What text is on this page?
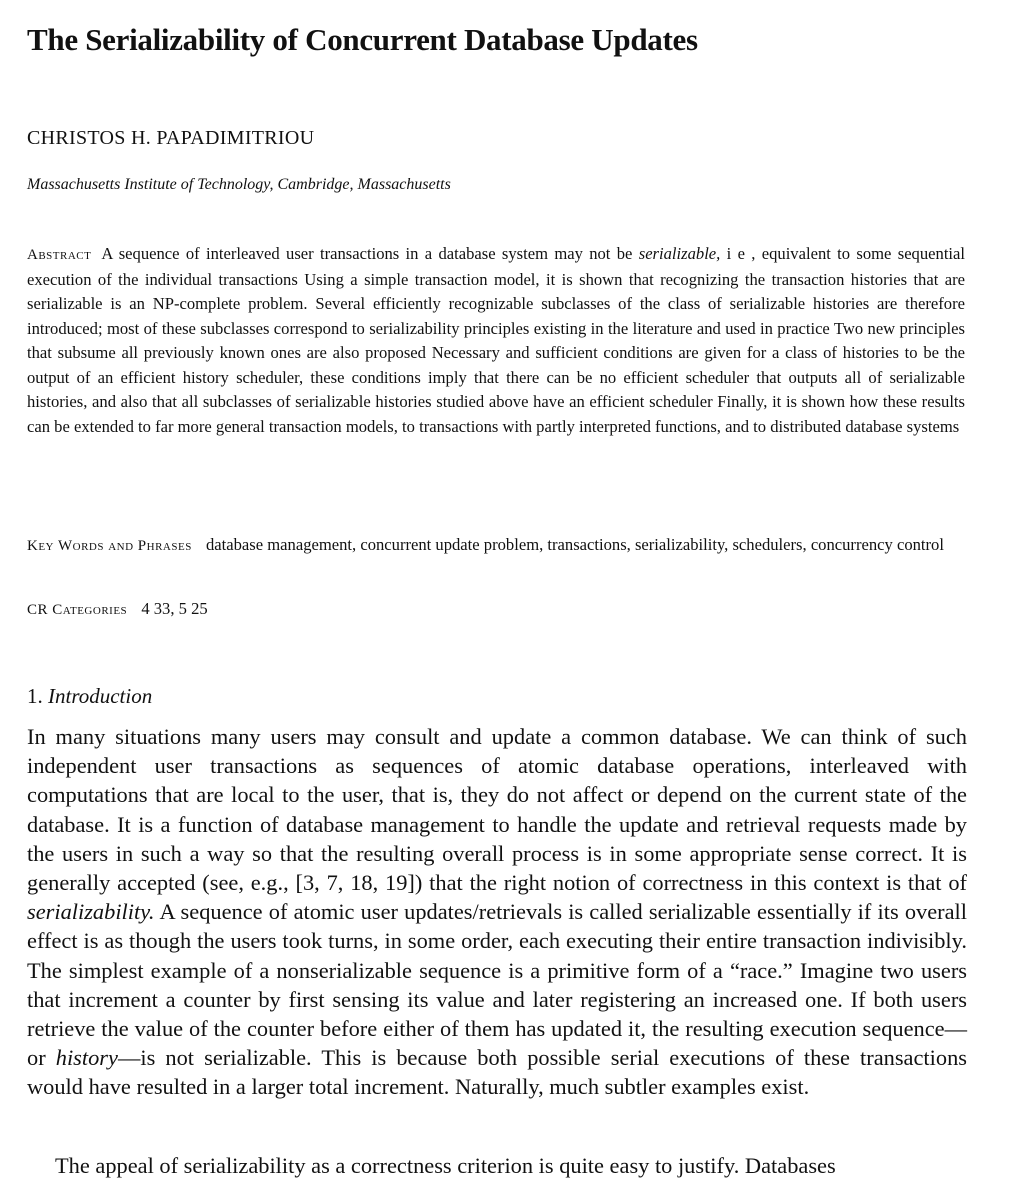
The Serializability of Concurrent Database Updates
CHRISTOS H. PAPADIMITRIOU
Massachusetts Institute of Technology, Cambridge, Massachusetts

Abstract A sequence of interleaved user transactions in a database system may not be serializable, i e , equivalent to some sequential execution of the individual transactions Using a simple transaction model, it is shown that recognizing the transaction histories that are serializable is an NP-complete problem. Several efficiently recognizable subclasses of the class of serializable histories are therefore introduced; most of these subclasses correspond to serializability principles existing in the literature and used in practice Two new principles that subsume all previously known ones are also proposed Necessary and sufficient conditions are given for a class of histories to be the output of an efficient history scheduler, these conditions imply that there can be no efficient scheduler that outputs all of serializable histories, and also that all subclasses of serializable histories studied above have an efficient scheduler Finally, it is shown how these results can be extended to far more general transaction models, to transactions with partly interpreted functions, and to distributed database systems

Key Words and Phrases database management, concurrent update problem, transactions, serializability, schedulers, concurrency control

CR Categories 4 33, 5 25

1. Introduction

In many situations many users may consult and update a common database. We can think of such independent user transactions as sequences of atomic database operations, interleaved with computations that are local to the user, that is, they do not affect or depend on the current state of the database. It is a function of database management to handle the update and retrieval requests made by the users in such a way so that the resulting overall process is in some appropriate sense correct. It is generally accepted (see, e.g., [3, 7, 18, 19]) that the right notion of correctness in this context is that of serializability. A sequence of atomic user updates/retrievals is called serializable essentially if its overall effect is as though the users took turns, in some order, each executing their entire transaction indivisibly. The simplest example of a nonserializable sequence is a primitive form of a “race.” Imagine two users that increment a counter by first sensing its value and later registering an increased one. If both users retrieve the value of the counter before either of them has updated it, the resulting execution sequence—or history—is not serializable. This is because both possible serial executions of these transactions would have resulted in a larger total increment. Naturally, much subtler examples exist.

The appeal of serializability as a correctness criterion is quite easy to justify. Databases
